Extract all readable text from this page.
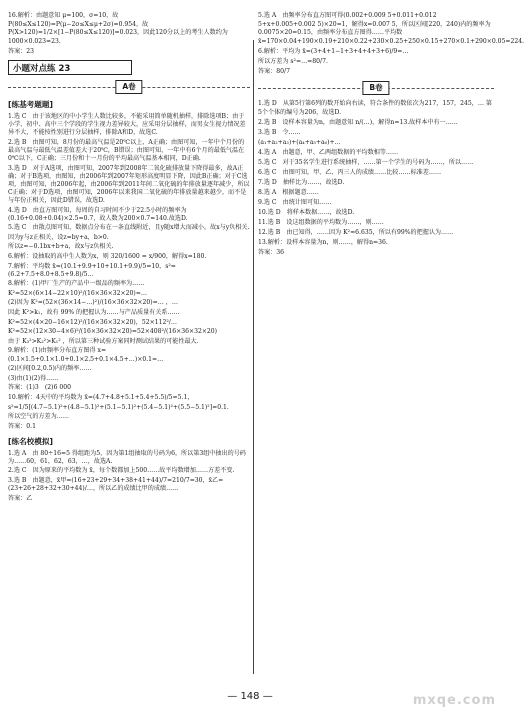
16.解析：由题意知 μ=100，σ=10，故 P(80≤X≤120)=P(μ−2σ≤X≤μ+2σ)=0.954，故 P(X>120)=1/2×[1−P(80≤X≤120)]=0.023，因此120分以上的考生人数约为1000×0.023=23.

答案：23

小题对点练 23
A卷
[练基考题题]

1.选 C　由于该地区的中小学生人数比较多，不能采用简单随机抽样，排除选项B；由于小学、初中、高中三个学段的学生视力差异较大，应采用分层抽样，而男女生视力情况差异不大，不能按性别进行分层抽样，排除A和D，故选C.

2.选 B　由图可知，8月份的最高气温是20℃以上，A正确；由图可知，一年中个月份的最高气温与最低气温差值差大于20℃，B错误；由图可知，一年中有6个月的最低气温在0℃以下，C正确；三月份和十一月份的平均最高气温基本相同，D正确.

3.选 D　对于A选项，由图可知，2007年到2008年二氧化硫排放量下降得最多，故A正确；对于B选项，由图知，由2006年到2007年矩形高度明显下降，因此B正确；对于C选项，由图可知，由2006年起，由2006年到2011年间二氧化硫的年排放量逐年减少，所以C正确；对于D选项，由图可知，2006年以来我国二氧化硫的年排放量越来越少，而不是与年份正相关，因此D错误，故选D.

4.选 D　由直方图可知，每周的自习时间不少于22.5小时的频率为(0.16+0.08+0.04)×2.5=0.7，故人数为200×0.7=140.故选D.

5.选 C　由散点图可知，数据点分布在一条直线附近，且y随x增大而减小，故x与y负相关.

因为y与z正相关，设z=by+a，b>0.

所以z=−0.1bx+b+a，故x与z负相关.

6.解析：设抽取的高中生人数为x，则 320/1600 = x/900，解得x=180.

7.解析：平均数 x̄=(10.1+9.9+10+10.1+9.9)/5=10，s²=(6.2+7.5+8.0+8.5+9.8)/5…

8.解析：(1)甲厂生产的产品中一级品的频率为……

K²=52×(6×14−22×10)²/(16×36×32×20)≈…

(2)因为 K²=(52×(36×14−…)²)/(16×36×32×20)=… ，…

因此 K²>k₁，故有 99% 的把握认为……与产品质量有关系……

K²=52×(4×20−16×12)²/(16×36×32×20)，52×112²/…

K²=52×(12×30−4×6)²/(16×36×32×20)=52×408²/(16×36×32×20)

由于 K₃²>K₂²>K₁² ，所以第三种试验方案同时测试结果的可能性最大.

9.解析：(1)由频率分布直方图得 x=(0.1×1.5+0.1×1.0+0.1×2.5+0.1×4.5+…)×0.1=…

(2)区间[0.2,0.5)内的频率……

(3)由(1)(2)得……

答案：(1)3　(2)6 000

10.解析：4天中的平均数为 x̄=(4.7+4.8+5.1+5.4+5.5)/5=5.1，

s²=1/5[(4.7−5.1)²+(4.8−5.1)²+(5.1−5.1)²+(5.4−5.1)²+(5.5−5.1)²]=0.1.

所以空气的方差为……

答案：0.1

[练名校模拟]

1.选 A　由 80÷16=5 得组距为5，因为第1组抽取的号码为6，所以第3组中抽出的号码为……60，61，62，63，…，故选A.

2.选 C　因为原来的平均数为 x̄，每个数都加上500……故平均数增加……方差不变.

3.选 B　由题意，x̄甲=(16+23+29+34+38+41+44)/7=210/7=30，x̄乙=(23+26+28+32+30+44)/…，所以乙的成绩比甲的成绩……

答案：乙

5.选 A　由频率分布直方图可得(0.002+0.009 5+0.011+0.012 5+x+0.005+0.002 5)×20=1，解得x=0.007 5，所以区间[220，240)内的频率为0.0075×20=0.15，由频率分布直方图得……平均数 x̄=170×0.04+190×0.19+210×0.22+230×0.25+250×0.15+270×0.1+290×0.05=224.

6.解析：平均为 x̄=(3+4+1−1+3+4+4+3+6)/9=…

所以方差为 s²=…=80/7.

答案：80/7

B卷

1.选 D　从第5行第6列的数开始向右读，符合条件的数依次为217，157，245，… 第5个个体的编号为206，故选D.

2.选 B　设样本容量为n，由题意知 n/(…)，解得n=13.故样本中有一……

3.选 B　令……

(a₁+a₂+a₃)+(a₄+a₅+a₆)+…

4.选 A　由题意，甲、乙两组数据的平均数相等……

5.选 C　对于35名学生进行系统抽样，……第一个学生的号码为……，所以……

6.选 C　由图可知，甲、乙、丙三人的成绩……比较……标准差……

7.选 D　抽样比为……，故选D.

8.选 A　根据题意……

9.选 C　由统计图可知……

10.选 D　将样本数据……，故选D.

11.选 B　设这组数据的平均数为……，则……

12.选 B　由已知得，……因为 K²≈6.635，所以有99%的把握认为……

13.解析：设样本容量为n，则……，解得n=36.

答案：36

— 148 —	mxqe.com
